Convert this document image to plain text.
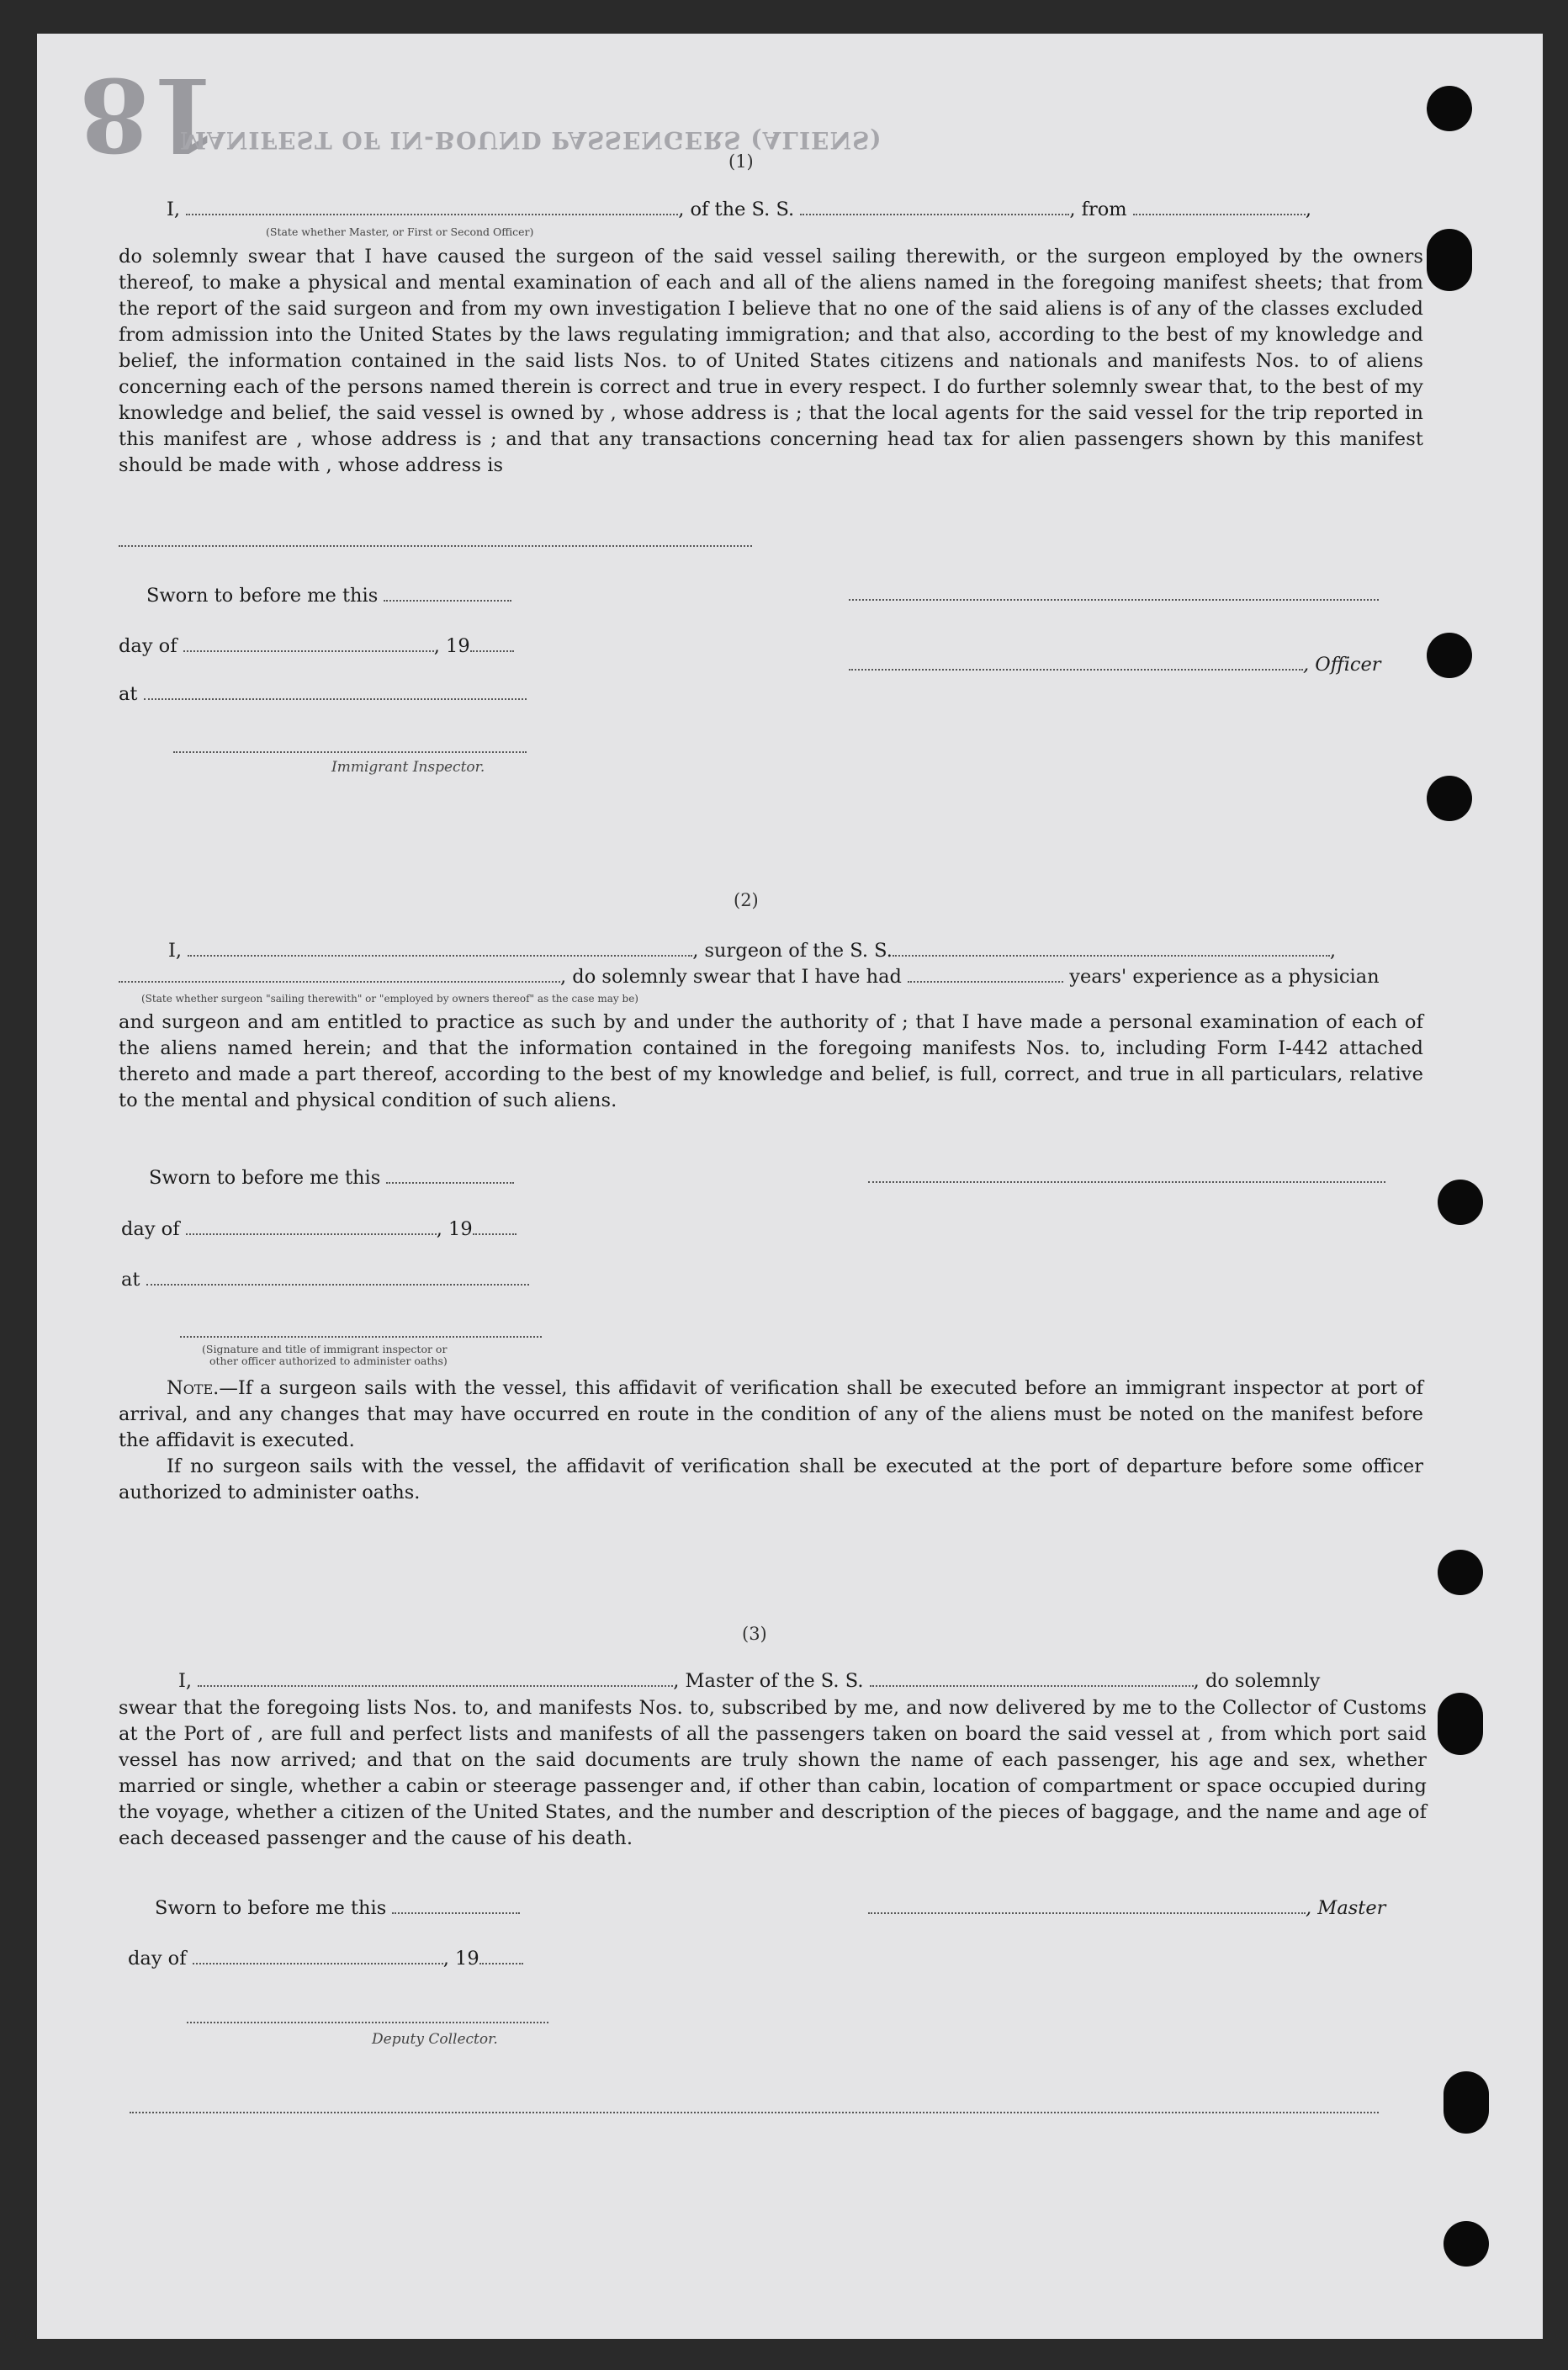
18
MANIFEST OF IN-BOUND PASSENGERS (ALIENS)
(1)
I,	, of the S. S.	, from	,
(State whether Master, or First or Second Officer)
do solemnly swear that I have caused the surgeon of the said vessel sailing therewith, or the surgeon employed by the owners thereof, to make a physical and mental examination of each and all of the aliens named in the foregoing manifest sheets; that from the report of the said surgeon and from my own investigation I believe that no one of the said aliens is of any of the classes excluded from admission into the United States by the laws regulating immigration; and that also, according to the best of my knowledge and belief, the information contained in the said lists Nos. to of United States citizens and nationals and manifests Nos. to of aliens concerning each of the persons named therein is correct and true in every respect. I do further solemnly swear that, to the best of my knowledge and belief, the said vessel is owned by , whose address is ; that the local agents for the said vessel for the trip reported in this manifest are , whose address is ; and that any transactions concerning head tax for alien passengers shown by this manifest should be made with , whose address is
Sworn to before me this
day of	, 19
, Officer
at
Immigrant Inspector.
(2)
I,	, surgeon of the S. S.	,
, do solemnly swear that I have had	years' experience as a physician
(State whether surgeon "sailing therewith" or "employed by owners thereof" as the case may be)
and surgeon and am entitled to practice as such by and under the authority of ; that I have made a personal examination of each of the aliens named herein; and that the information contained in the foregoing manifests Nos. to, including Form I-442 attached thereto and made a part thereof, according to the best of my knowledge and belief, is full, correct, and true in all particulars, relative to the mental and physical condition of such aliens.
Sworn to before me this
day of	, 19
at
(Signature and title of immigrant inspector or
other officer authorized to administer oaths)
Note.—If a surgeon sails with the vessel, this affidavit of verification shall be executed before an immigrant inspector at port of arrival, and any changes that may have occurred en route in the condition of any of the aliens must be noted on the manifest before the affidavit is executed.
If no surgeon sails with the vessel, the affidavit of verification shall be executed at the port of departure before some officer authorized to administer oaths.
(3)
I,	, Master of the S. S.	, do solemnly
swear that the foregoing lists Nos. to, and manifests Nos. to, subscribed by me, and now delivered by me to the Collector of Customs at the Port of , are full and perfect lists and manifests of all the passengers taken on board the said vessel at , from which port said vessel has now arrived; and that on the said documents are truly shown the name of each passenger, his age and sex, whether married or single, whether a cabin or steerage passenger and, if other than cabin, location of compartment or space occupied during the voyage, whether a citizen of the United States, and the number and description of the pieces of baggage, and the name and age of each deceased passenger and the cause of his death.
Sworn to before me this	, Master
day of	, 19
Deputy Collector.
